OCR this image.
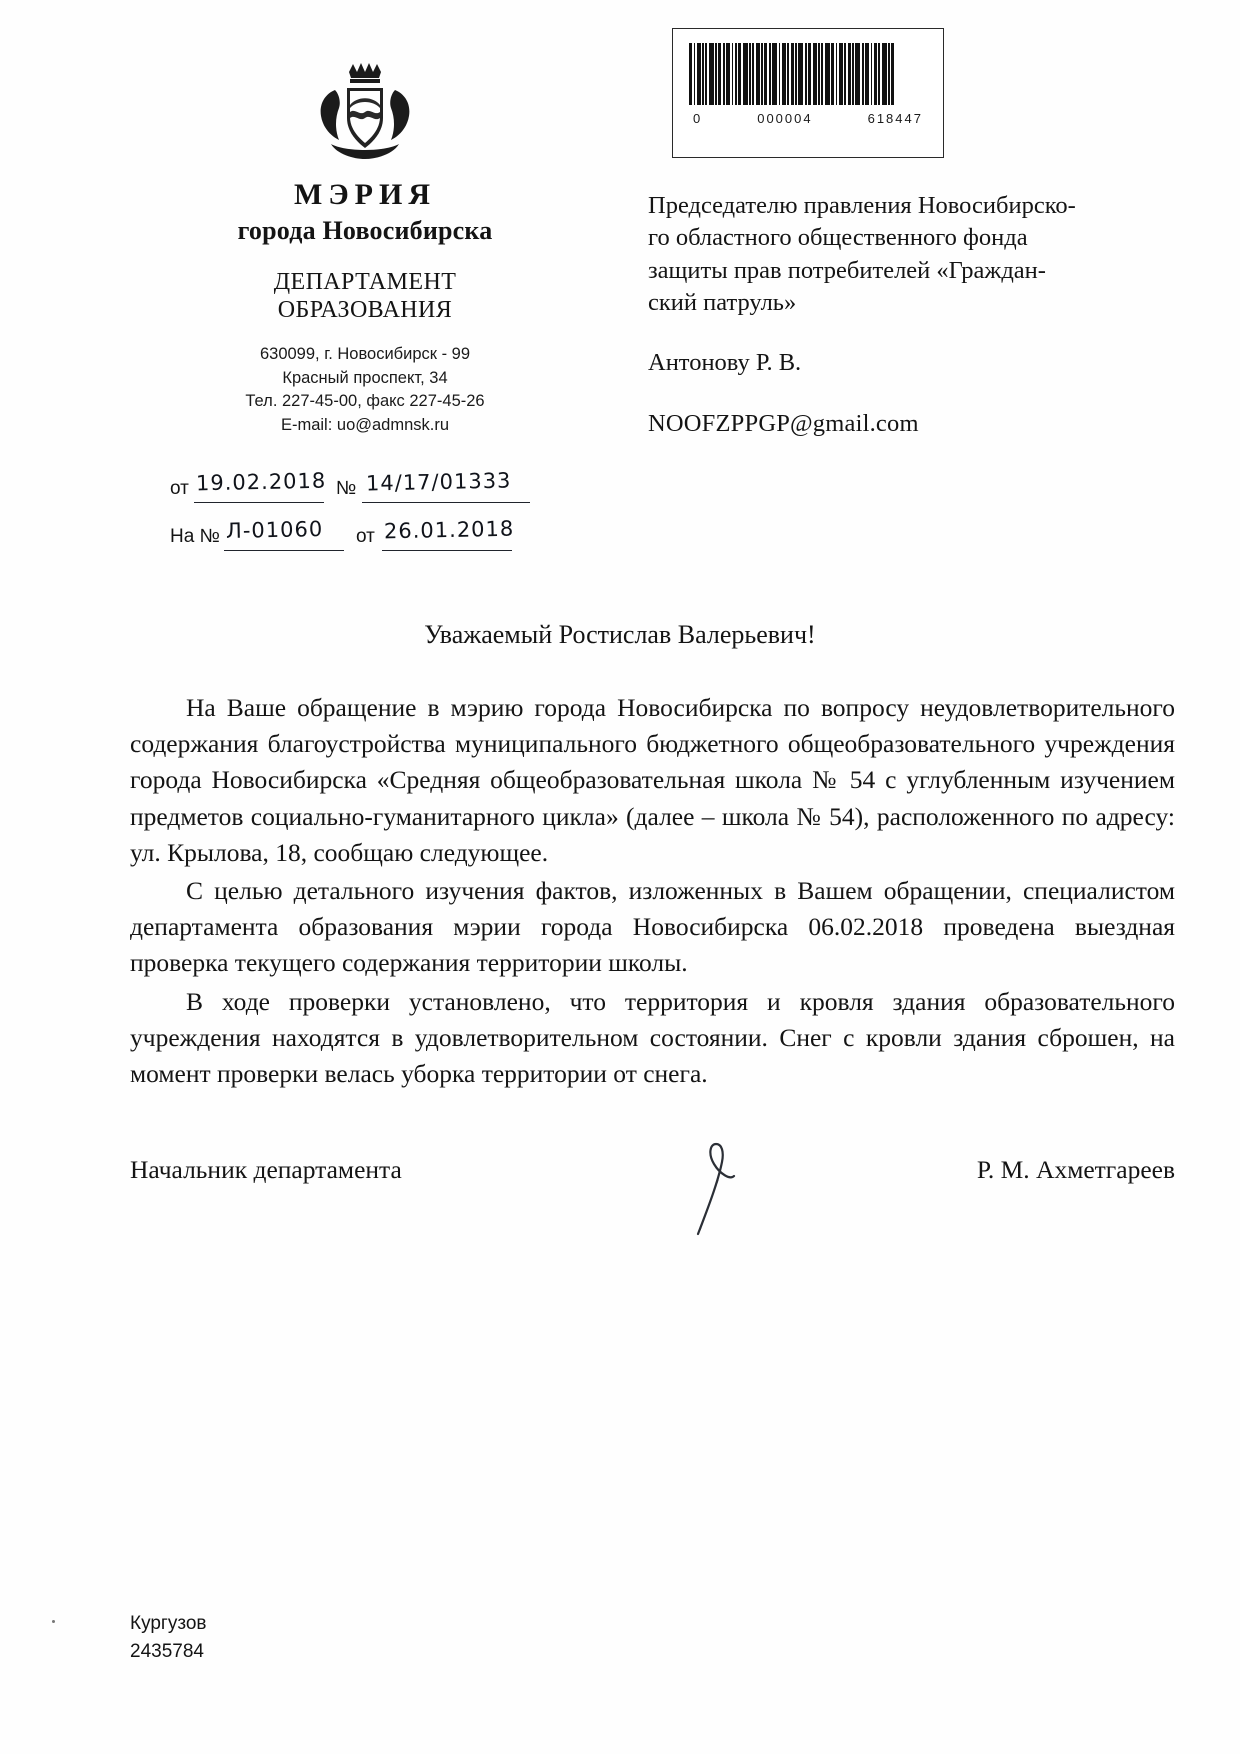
МЭРИЯ
города Новосибирска
ДЕПАРТАМЕНТ
ОБРАЗОВАНИЯ
630099, г. Новосибирск - 99
Красный проспект, 34
Тел. 227-45-00, факс 227-45-26
E-mail: uo@admnsk.ru
от 19.02.2018 № 14/17/01333
На № Л-01060 от 26.01.2018
0	000004	618447
Председателю правления Новосибирско-
го областного общественного фонда
защиты прав потребителей «Граждан-
ский патруль»
Антонову Р. В.
NOOFZPPGP@gmail.com
Уважаемый Ростислав Валерьевич!

На Ваше обращение в мэрию города Новосибирска по вопросу неудовлетворительного содержания благоустройства муниципального бюджетного общеобразовательного учреждения города Новосибирска «Средняя общеобразовательная школа № 54 с углубленным изучением предметов социально-гуманитарного цикла» (далее – школа № 54), расположенного по адресу: ул. Крылова, 18, сообщаю следующее.

С целью детального изучения фактов, изложенных в Вашем обращении, специалистом департамента образования мэрии города Новосибирска 06.02.2018 проведена выездная проверка текущего содержания территории школы.

В ходе проверки установлено, что территория и кровля здания образовательного учреждения находятся в удовлетворительном состоянии. Снег с кровли здания сброшен, на момент проверки велась уборка территории от снега.

Начальник департамента	Р. М. Ахметгареев
Кургузов
2435784
